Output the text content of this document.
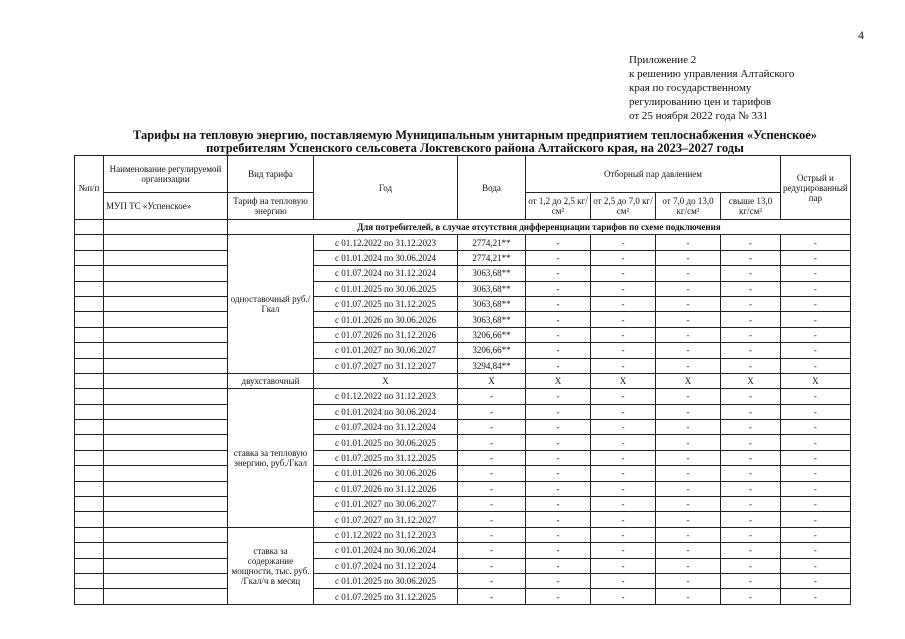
4
Приложение 2
к решению управления Алтайского
края по государственному
регулированию цен и тарифов
от 25 ноября 2022 года № 331
Тарифы на тепловую энергию, поставляемую Муниципальным унитарным предприятием теплоснабжения «Успенское»
потребителям Успенского сельсовета Локтевского района Алтайского края, на 2023–2027 годы
№п/п	Наименование регулируемой организации	Вид тарифа	Год	Вода	Отборный пар давлением				Острый и редуцированный пар
	МУП ТС «Успенское»	Тариф на тепловую энергию			от 1,2 до 2,5 кг/см²	от 2,5 до 7,0 кг/см²	от 7,0 до 13,0 кг/см²	свыше 13,0 кг/см²	
		Для потребителей, в случае отсутствия дифференциации тарифов по схеме подключения							
		одноставочный руб./Гкал	с 01.12.2022 по 31.12.2023	2774,21**	-	-	-	-	-
			с 01.01.2024 по 30.06.2024	2774,21**	-	-	-	-	-
			с 01.07.2024 по 31.12.2024	3063,68**	-	-	-	-	-
			с 01.01.2025 по 30.06.2025	3063,68**	-	-	-	-	-
			с 01.07.2025 по 31.12.2025	3063,68**	-	-	-	-	-
			с 01.01.2026 по 30.06.2026	3063,68**	-	-	-	-	-
			с 01.07.2026 по 31.12.2026	3206,66**	-	-	-	-	-
			с 01.01.2027 по 30.06.2027	3206,66**	-	-	-	-	-
			с 01.07.2027 по 31.12.2027	3294,84**	-	-	-	-	-
		двухставочный	Х	Х	Х	Х	Х	Х	Х
		ставка за тепловую энергию, руб./Гкал	с 01.12.2022 по 31.12.2023	-	-	-	-	-	-
			с 01.01.2024 по 30.06.2024	-	-	-	-	-	-
			с 01.07.2024 по 31.12.2024	-	-	-	-	-	-
			с 01.01.2025 по 30.06.2025	-	-	-	-	-	-
			с 01.07.2025 по 31.12.2025	-	-	-	-	-	-
			с 01.01.2026 по 30.06.2026	-	-	-	-	-	-
			с 01.07.2026 по 31.12.2026	-	-	-	-	-	-
			с 01.01.2027 по 30.06.2027	-	-	-	-	-	-
			с 01.07.2027 по 31.12.2027	-	-	-	-	-	-
		ставка за содержание мощности, тыс. руб. /Гкал/ч в месяц	с 01.12.2022 по 31.12.2023	-	-	-	-	-	-
			с 01.01.2024 по 30.06.2024	-	-	-	-	-	-
			с 01.07.2024 по 31.12.2024	-	-	-	-	-	-
			с 01.01.2025 по 30.06.2025	-	-	-	-	-	-
			с 01.07.2025 по 31.12.2025	-	-	-	-	-	-
